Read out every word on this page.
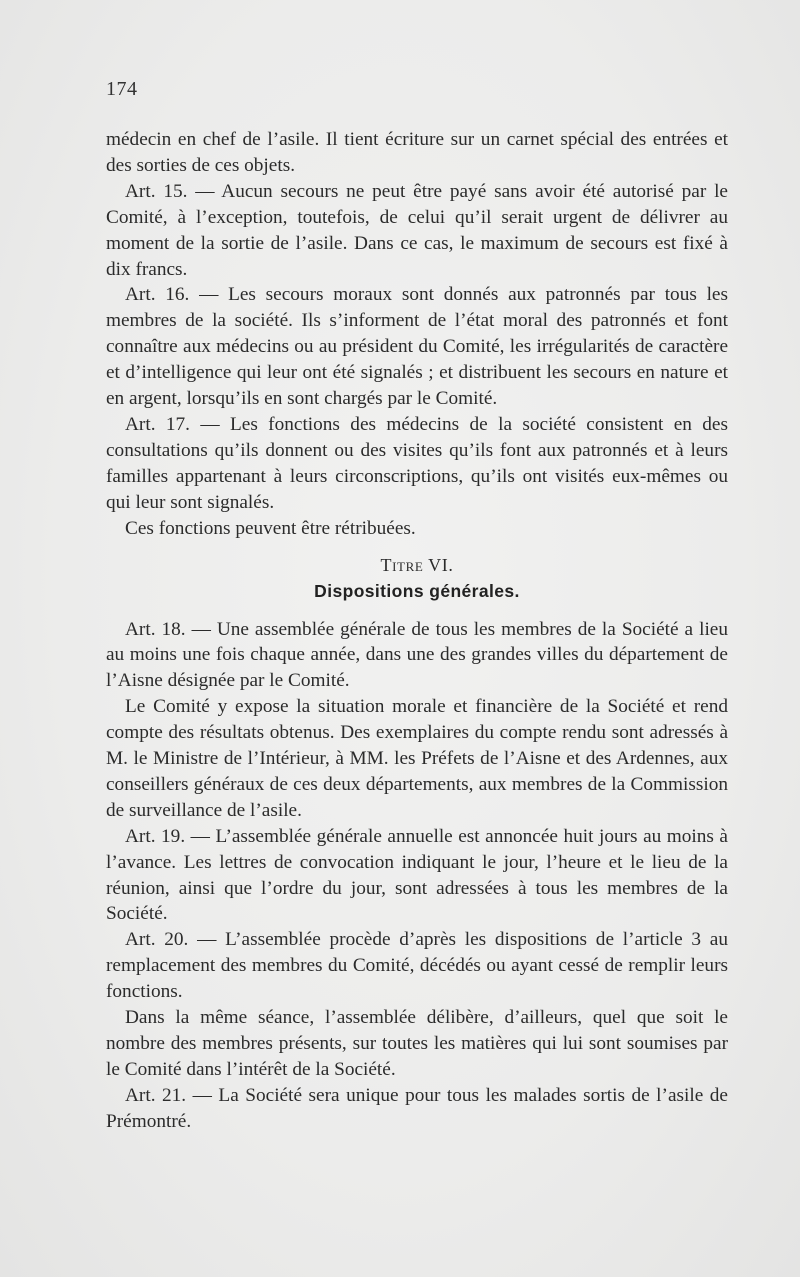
174

médecin en chef de l’asile. Il tient écriture sur un carnet spécial des entrées et des sorties de ces objets.

Art. 15. — Aucun secours ne peut être payé sans avoir été autorisé par le Comité, à l’exception, toutefois, de celui qu’il serait urgent de délivrer au moment de la sortie de l’asile. Dans ce cas, le maximum de secours est fixé à dix francs.

Art. 16. — Les secours moraux sont donnés aux patronnés par tous les membres de la société. Ils s’informent de l’état moral des patronnés et font connaître aux médecins ou au président du Comité, les irrégularités de caractère et d’intelligence qui leur ont été signalés ; et distribuent les secours en nature et en argent, lorsqu’ils en sont chargés par le Comité.

Art. 17. — Les fonctions des médecins de la société consistent en des consultations qu’ils donnent ou des visites qu’ils font aux patronnés et à leurs familles appartenant à leurs circonscriptions, qu’ils ont visités eux-mêmes ou qui leur sont signalés.

Ces fonctions peuvent être rétribuées.

Titre VI.
Dispositions générales.

Art. 18. — Une assemblée générale de tous les membres de la Société a lieu au moins une fois chaque année, dans une des grandes villes du département de l’Aisne désignée par le Comité.

Le Comité y expose la situation morale et financière de la Société et rend compte des résultats obtenus. Des exemplaires du compte rendu sont adressés à M. le Ministre de l’Intérieur, à MM. les Préfets de l’Aisne et des Ardennes, aux conseillers généraux de ces deux départements, aux membres de la Commission de surveillance de l’asile.

Art. 19. — L’assemblée générale annuelle est annoncée huit jours au moins à l’avance. Les lettres de convocation indiquant le jour, l’heure et le lieu de la réunion, ainsi que l’ordre du jour, sont adressées à tous les membres de la Société.

Art. 20. — L’assemblée procède d’après les dispositions de l’article 3 au remplacement des membres du Comité, décédés ou ayant cessé de remplir leurs fonctions.

Dans la même séance, l’assemblée délibère, d’ailleurs, quel que soit le nombre des membres présents, sur toutes les matières qui lui sont soumises par le Comité dans l’intérêt de la Société.

Art. 21. — La Société sera unique pour tous les malades sortis de l’asile de Prémontré.
